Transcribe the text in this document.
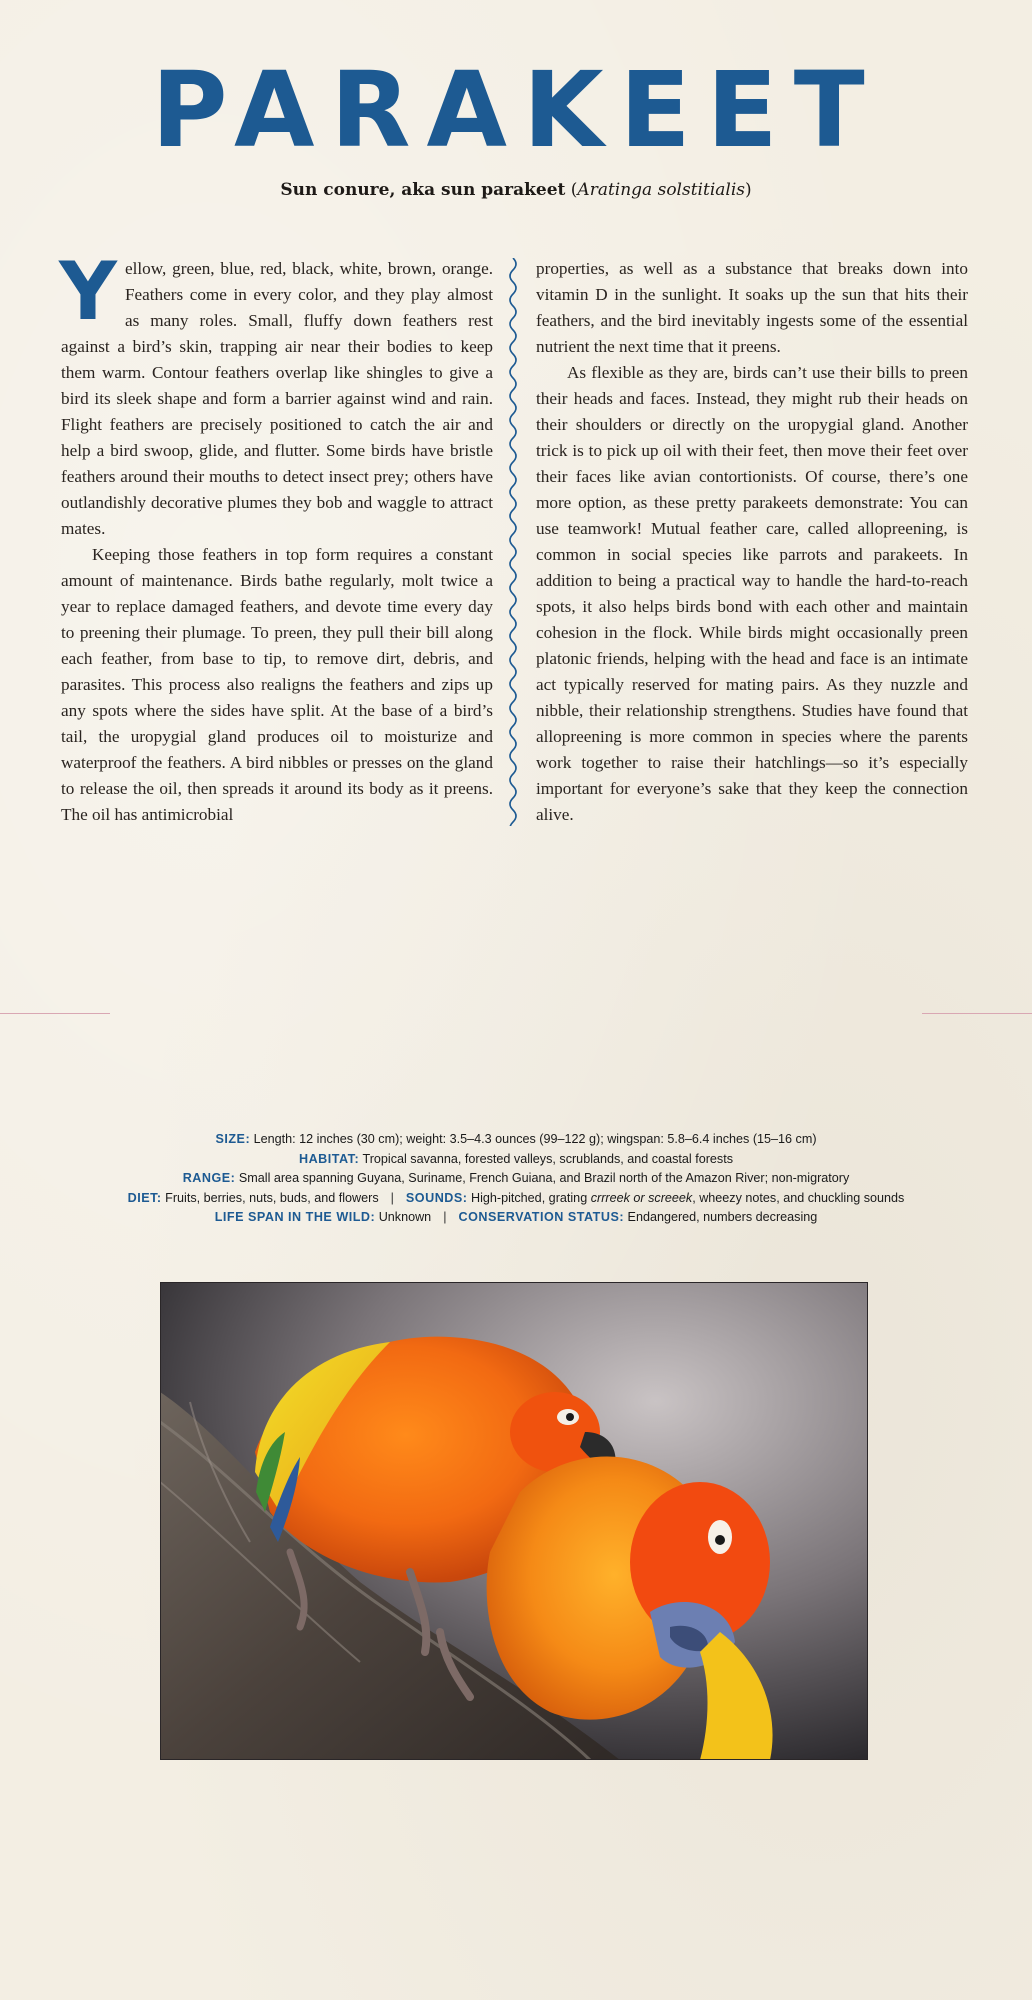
PARAKEET
Sun conure, aka sun parakeet (Aratinga solstitialis)

Yellow, green, blue, red, black, white, brown, orange. Feathers come in every color, and they play almost as many roles. Small, fluffy down feathers rest against a bird’s skin, trapping air near their bodies to keep them warm. Contour feathers overlap like shingles to give a bird its sleek shape and form a barrier against wind and rain. Flight feathers are precisely positioned to catch the air and help a bird swoop, glide, and flutter. Some birds have bristle feathers around their mouths to detect insect prey; others have outlandishly decorative plumes they bob and waggle to attract mates.

Keeping those feathers in top form requires a constant amount of maintenance. Birds bathe regularly, molt twice a year to replace damaged feathers, and devote time every day to preening their plumage. To preen, they pull their bill along each feather, from base to tip, to remove dirt, debris, and parasites. This process also realigns the feathers and zips up any spots where the sides have split. At the base of a bird’s tail, the uropygial gland produces oil to moisturize and waterproof the feathers. A bird nibbles or presses on the gland to release the oil, then spreads it around its body as it preens. The oil has antimicrobial

properties, as well as a substance that breaks down into vitamin D in the sunlight. It soaks up the sun that hits their feathers, and the bird inevitably ingests some of the essential nutrient the next time that it preens.

As flexible as they are, birds can’t use their bills to preen their heads and faces. Instead, they might rub their heads on their shoulders or directly on the uropygial gland. Another trick is to pick up oil with their feet, then move their feet over their faces like avian contortionists. Of course, there’s one more option, as these pretty parakeets demonstrate: You can use teamwork! Mutual feather care, called allopreening, is common in social species like parrots and parakeets. In addition to being a practical way to handle the hard-to-reach spots, it also helps birds bond with each other and maintain cohesion in the flock. While birds might occasionally preen platonic friends, helping with the head and face is an intimate act typically reserved for mating pairs. As they nuzzle and nibble, their relationship strengthens. Studies have found that allopreening is more common in species where the parents work together to raise their hatchlings—so it’s especially important for everyone’s sake that they keep the connection alive.

SIZE: Length: 12 inches (30 cm); weight: 3.5–4.3 ounces (99–122 g); wingspan: 5.8–6.4 inches (15–16 cm)
HABITAT: Tropical savanna, forested valleys, scrublands, and coastal forests
RANGE: Small area spanning Guyana, Suriname, French Guiana, and Brazil north of the Amazon River; non-migratory
DIET: Fruits, berries, nuts, buds, and flowers | SOUNDS: High-pitched, grating crrreek or screeek, wheezy notes, and chuckling sounds
LIFE SPAN IN THE WILD: Unknown | CONSERVATION STATUS: Endangered, numbers decreasing
